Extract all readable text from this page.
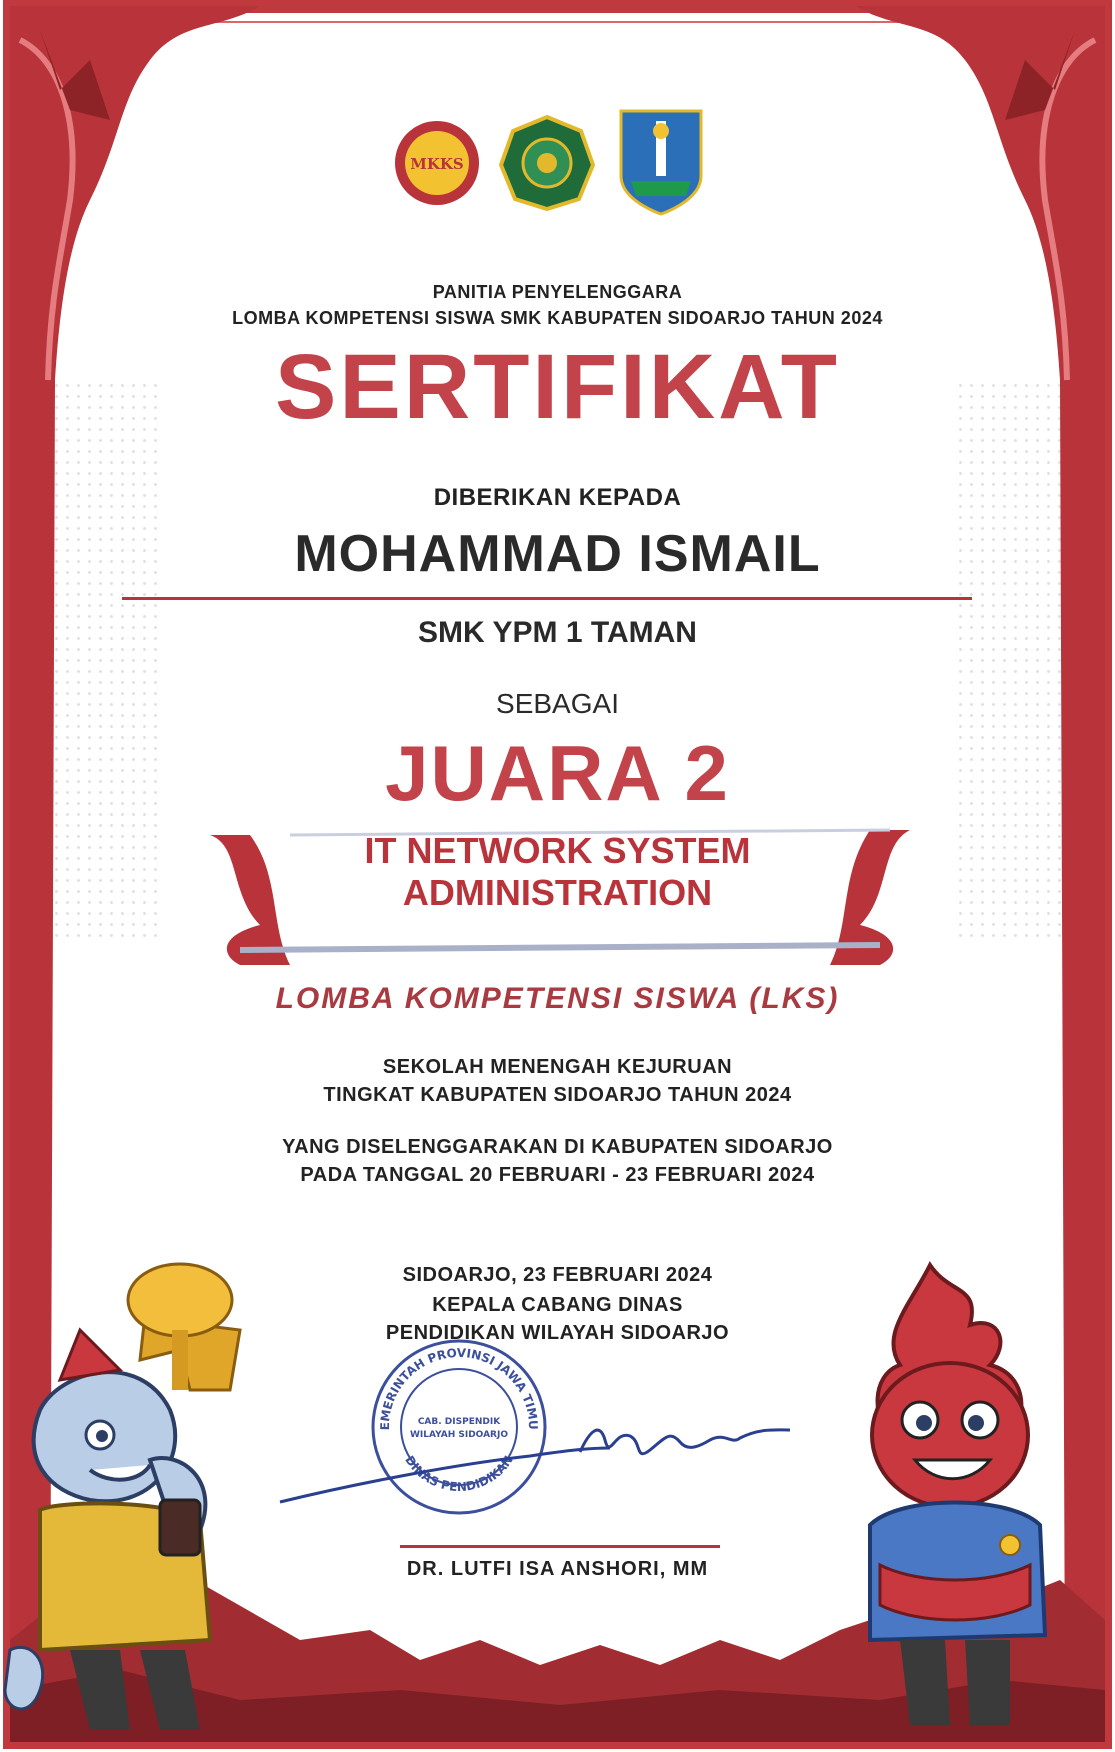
MKKS
PANITIA PENYELENGGARA
LOMBA KOMPETENSI SISWA SMK KABUPATEN SIDOARJO TAHUN 2024
SERTIFIKAT
DIBERIKAN KEPADA
MOHAMMAD ISMAIL
SMK YPM 1 TAMAN
SEBAGAI
JUARA 2
IT NETWORK SYSTEM
ADMINISTRATION
LOMBA KOMPETENSI SISWA (LKS)
SEKOLAH MENENGAH KEJURUAN
TINGKAT KABUPATEN SIDOARJO TAHUN 2024
YANG DISELENGGARAKAN DI KABUPATEN SIDOARJO
PADA TANGGAL 20 FEBRUARI - 23 FEBRUARI 2024
SIDOARJO, 23 FEBRUARI 2024
KEPALA CABANG DINAS
PENDIDIKAN WILAYAH SIDOARJO
EMERINTAH PROVINSI JAWA TIMU
DINAS PENDIDIKAN
CAB. DISPENDIK
WILAYAH SIDOARJO
DR. LUTFI ISA ANSHORI, MM
